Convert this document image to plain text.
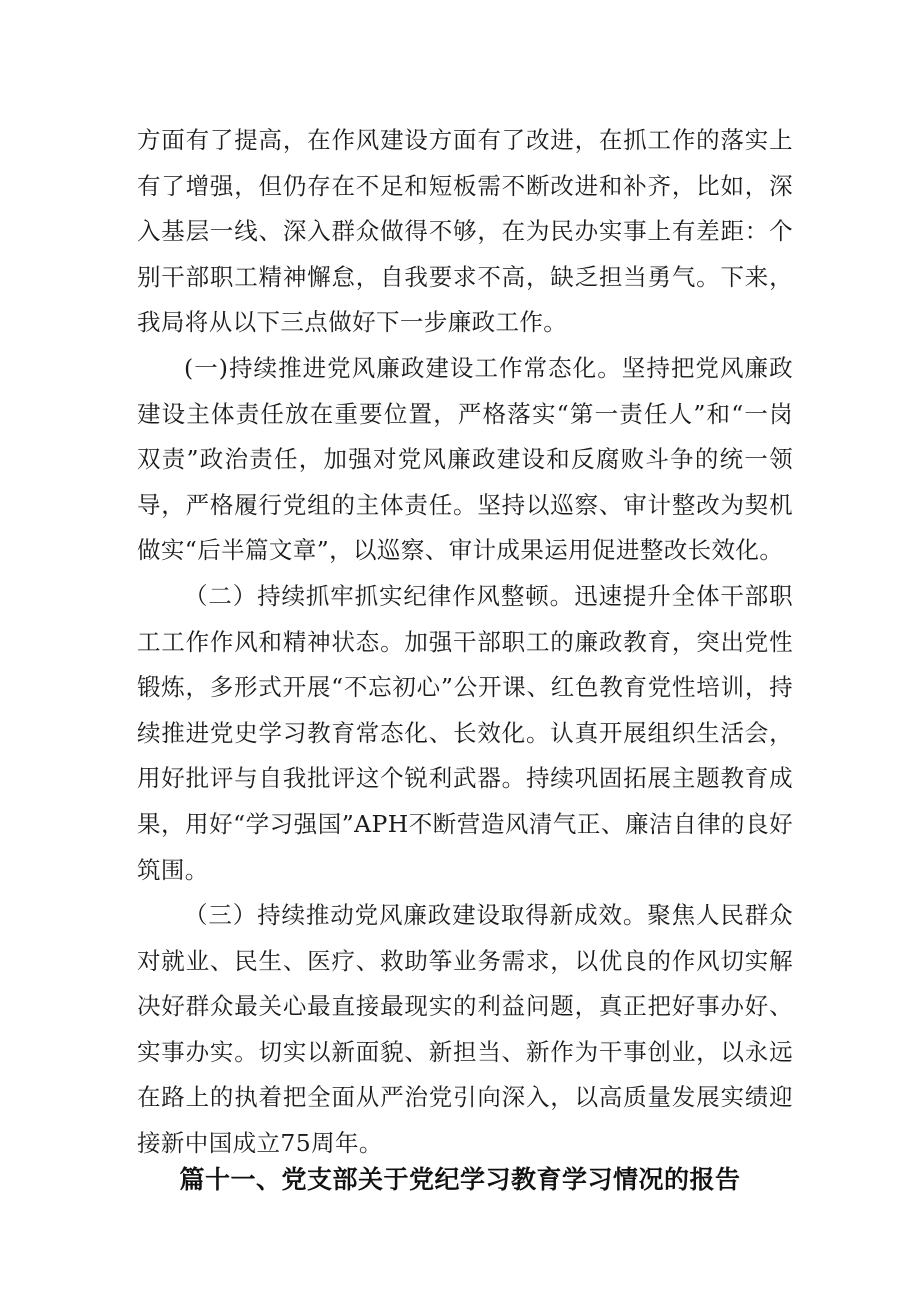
方面有了提高，在作风建设方面有了改进，在抓工作的落实上有了增强，但仍存在不足和短板需不断改进和补齐，比如，深入基层一线、深入群众做得不够，在为民办实事上有差距：个别干部职工精神懈怠，自我要求不高，缺乏担当勇气。下来，我局将从以下三点做好下一步廉政工作。

(一)持续推进党风廉政建设工作常态化。坚持把党风廉政建设主体责任放在重要位置，严格落实“第一责任人”和“一岗双责”政治责任，加强对党风廉政建设和反腐败斗争的统一领导，严格履行党组的主体责任。坚持以巡察、审计整改为契机做实“后半篇文章”，以巡察、审计成果运用促进整改长效化。

（二）持续抓牢抓实纪律作风整顿。迅速提升全体干部职工工作作风和精神状态。加强干部职工的廉政教育，突出党性锻炼，多形式开展“不忘初心”公开课、红色教育党性培训，持续推进党史学习教育常态化、长效化。认真开展组织生活会，用好批评与自我批评这个锐利武器。持续巩固拓展主题教育成果，用好“学习强国”APH不断营造风清气正、廉洁自律的良好筑围。

（三）持续推动党风廉政建设取得新成效。聚焦人民群众对就业、民生、医疗、救助筝业务需求，以优良的作风切实解决好群众最关心最直接最现实的利益问题，真正把好事办好、实事办实。切实以新面貌、新担当、新作为干事创业，以永远在路上的执着把全面从严治党引向深入，以高质量发展实绩迎接新中国成立75周年。

篇十一、党支部关于党纪学习教育学习情况的报告
